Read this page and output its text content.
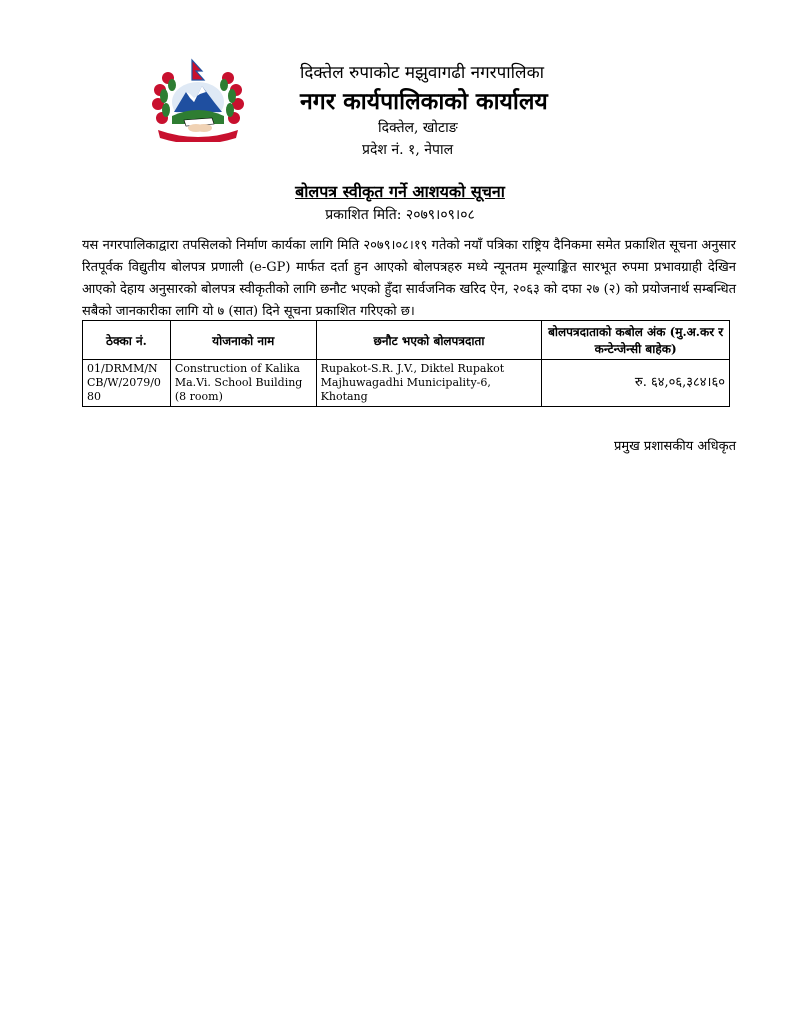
दिक्तेल रुपाकोट मझुवागढी नगरपालिका
नगर कार्यपालिकाको कार्यालय
दिक्तेल, खोटाङ
प्रदेश नं. १, नेपाल
बोलपत्र स्वीकृत गर्ने आशयको सूचना
प्रकाशित मिति: २०७९।०९।०८
यस नगरपालिकाद्वारा तपसिलको निर्माण कार्यका लागि मिति २०७९।०८।१९ गतेको नयाँ पत्रिका राष्ट्रिय दैनिकमा समेत प्रकाशित सूचना अनुसार रितपूर्वक विद्युतीय बोलपत्र प्रणाली (e-GP) मार्फत दर्ता हुन आएको बोलपत्रहरु मध्ये न्यूनतम मूल्याङ्कित सारभूत रुपमा प्रभावग्राही देखिन आएको देहाय अनुसारको बोलपत्र स्वीकृतीको लागि छनौट भएको हुँदा सार्वजनिक खरिद ऐन, २०६३ को दफा २७ (२) को प्रयोजनार्थ सम्बन्धित सबैको जानकारीका लागि यो ७ (सात) दिने सूचना प्रकाशित गरिएको छ।
ठेक्का नं.	योजनाको नाम	छनौट भएको बोलपत्रदाता	बोलपत्रदाताको कबोल अंक (मु.अ.कर र कन्टेन्जेन्सी बाहेक)
01/DRMM/NCB/W/2079/080	Construction of Kalika Ma.Vi. School Building (8 room)	Rupakot-S.R. J.V., Diktel Rupakot Majhuwagadhi Municipality-6, Khotang	रु. ६४,०६,३८४।६०
प्रमुख प्रशासकीय अधिकृत
